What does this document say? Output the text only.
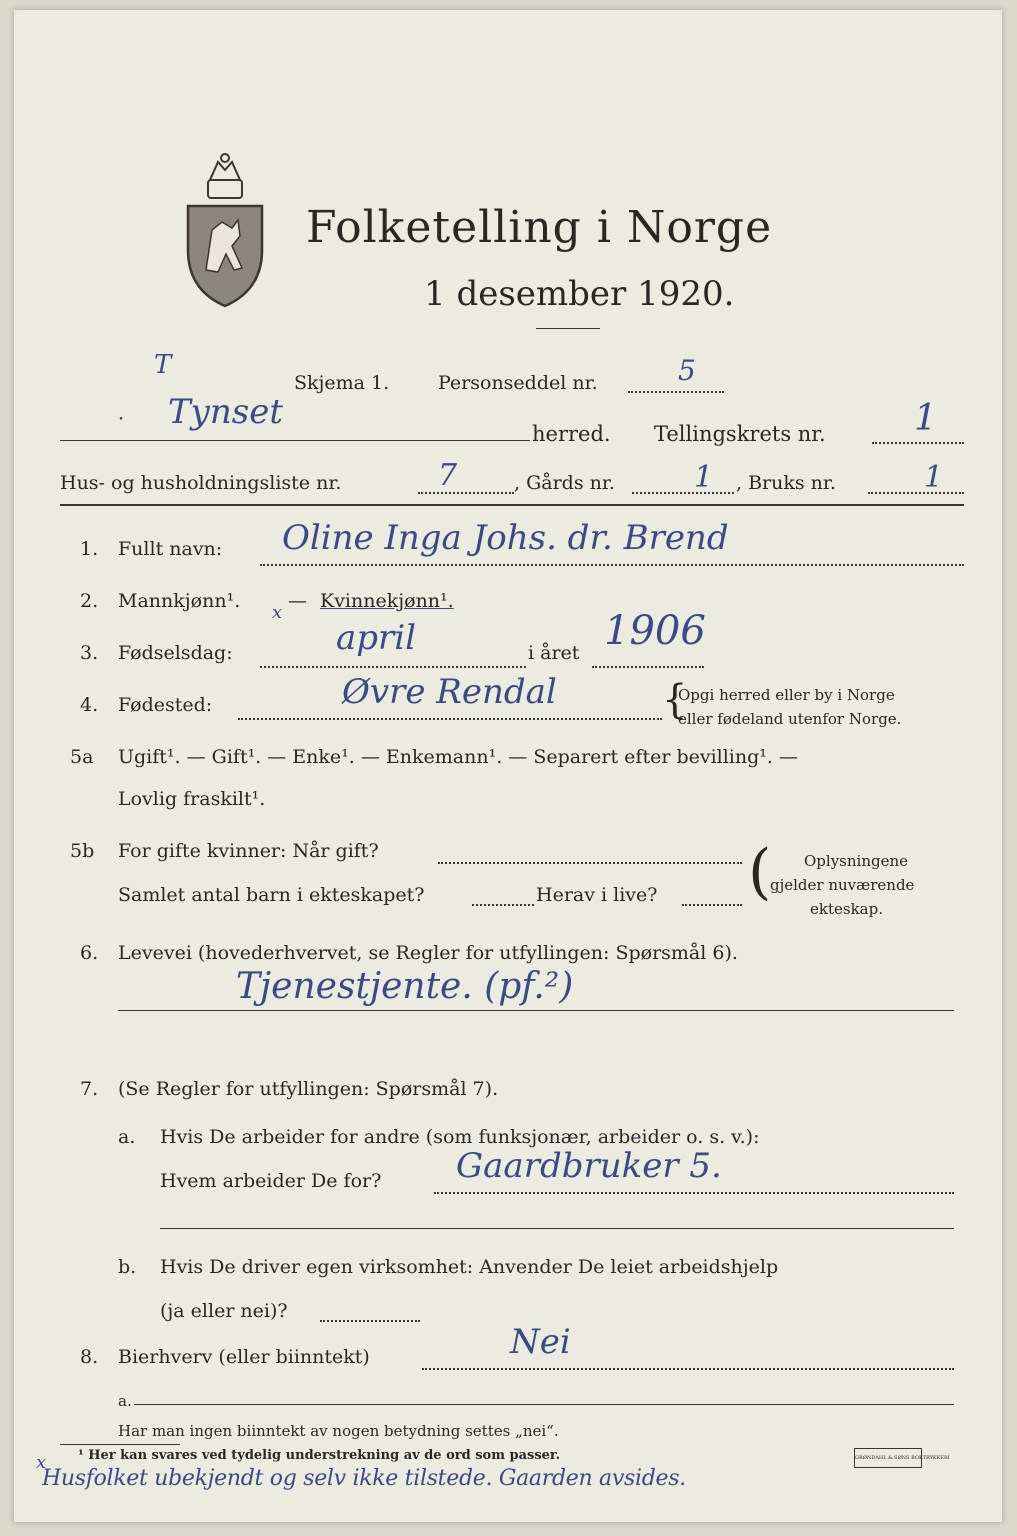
Folketelling i Norge
1 desember 1920.
T
Skjema 1.	Personseddel nr.	5
· Tynset
herred. Tellingskrets nr. 1
Hus- og husholdningsliste nr.	7	, Gårds nr.	1 , Bruks nr.	1
1. Fullt navn: Oline Inga Johs. dr. Brend
2. Mannkjønn¹.
x
— Kvinnekjønn¹.
3. Fødselsdag:	april	i året 1906
4. Fødested:	Øvre Rendal	{
Opgi herred eller by i Norge
eller fødeland utenfor Norge.
5a Ugift¹. — Gift¹. — Enke¹. — Enkemann¹. — Separert efter bevilling¹. —
Lovlig fraskilt¹.
5b For gifte kvinner: Når gift?
Samlet antal barn i ekteskapet?	Herav i live? ( Oplysningene
gjelder nuværende
ekteskap.
6. Levevei (hovederhvervet, se Regler for utfyllingen: Spørsmål 6).
Tjenestjente. (pf.²)
7. (Se Regler for utfyllingen: Spørsmål 7).
a. Hvis De arbeider for andre (som funksjonær, arbeider o. s. v.):
Hvem arbeider De for? Gaardbruker 5.
b. Hvis De driver egen virksomhet: Anvender De leiet arbeidshjelp
(ja eller nei)?
8. Bierhverv (eller biinntekt)	Nei
a.
Har man ingen biinntekt av nogen betydning settes „nei“.
¹ Her kan svares ved tydelig understrekning av de ord som passer.	GRØNDAHL & SØNS BOKTRYKKERI
x
Husfolket ubekjendt og selv ikke tilstede. Gaarden avsides.
